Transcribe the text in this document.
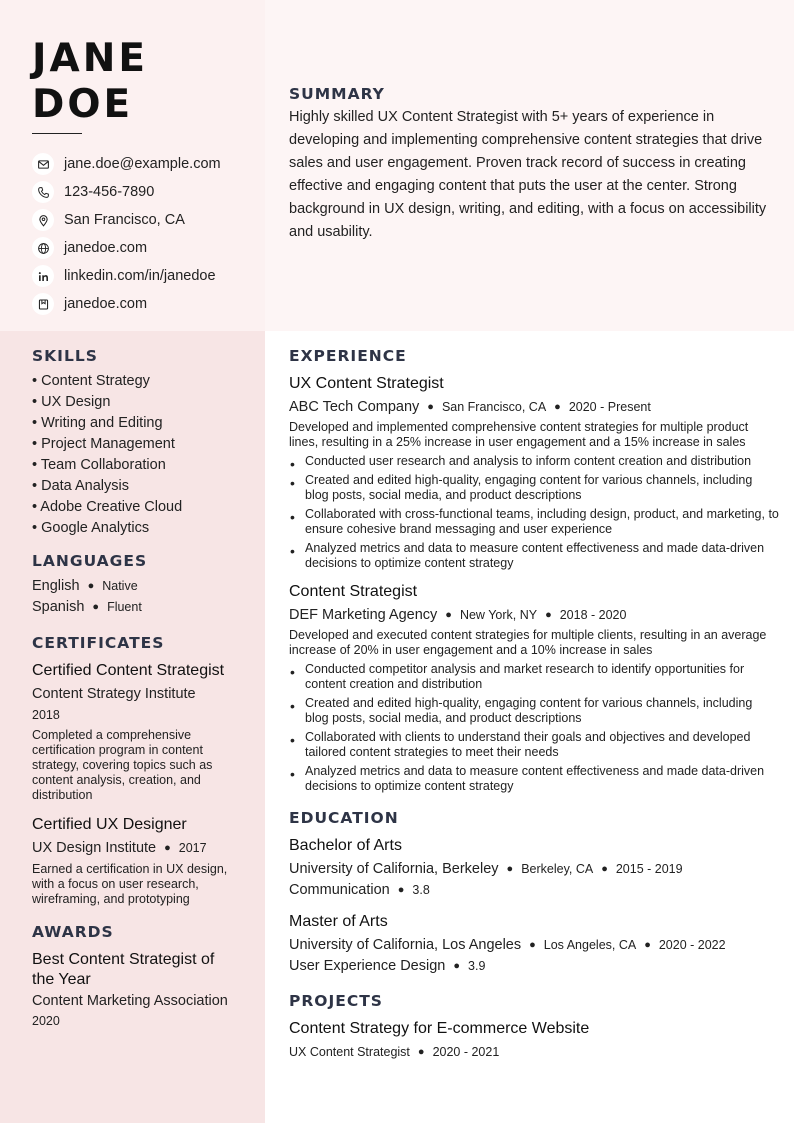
JANE
DOE
jane.doe@example.com
123-456-7890
San Francisco, CA
janedoe.com
linkedin.com/in/janedoe
janedoe.com
SUMMARY

Highly skilled UX Content Strategist with 5+ years of experience in developing and implementing comprehensive content strategies that drive sales and user engagement. Proven track record of success in creating effective and engaging content that puts the user at the center. Strong background in UX design, writing, and editing, with a focus on accessibility and usability.

SKILLS
• Content Strategy
• UX Design
• Writing and Editing
• Project Management
• Team Collaboration
• Data Analysis
• Adobe Creative Cloud
• Google Analytics
LANGUAGES
English ● Native
Spanish ● Fluent
CERTIFICATES
Certified Content Strategist
Content Strategy Institute
2018
Completed a comprehensive certification program in content strategy, covering topics such as content analysis, creation, and distribution
Certified UX Designer
UX Design Institute ● 2017
Earned a certification in UX design, with a focus on user research, wireframing, and prototyping
AWARDS
Best Content Strategist of the Year
Content Marketing Association
2020
EXPERIENCE
UX Content Strategist
ABC Tech Company ● San Francisco, CA ● 2020 - Present
Developed and implemented comprehensive content strategies for multiple product lines, resulting in a 25% increase in user engagement and a 15% increase in sales
• Conducted user research and analysis to inform content creation and distribution
• Created and edited high-quality, engaging content for various channels, including blog posts, social media, and product descriptions
• Collaborated with cross-functional teams, including design, product, and marketing, to ensure cohesive brand messaging and user experience
• Analyzed metrics and data to measure content effectiveness and made data-driven decisions to optimize content strategy
Content Strategist
DEF Marketing Agency ● New York, NY ● 2018 - 2020
Developed and executed content strategies for multiple clients, resulting in an average increase of 20% in user engagement and a 10% increase in sales
• Conducted competitor analysis and market research to identify opportunities for content creation and distribution
• Created and edited high-quality, engaging content for various channels, including blog posts, social media, and product descriptions
• Collaborated with clients to understand their goals and objectives and developed tailored content strategies to meet their needs
• Analyzed metrics and data to measure content effectiveness and made data-driven decisions to optimize content strategy
EDUCATION
Bachelor of Arts
University of California, Berkeley ● Berkeley, CA ● 2015 - 2019
Communication ● 3.8
Master of Arts
University of California, Los Angeles ● Los Angeles, CA ● 2020 - 2022
User Experience Design ● 3.9
PROJECTS
Content Strategy for E-commerce Website
UX Content Strategist ● 2020 - 2021
